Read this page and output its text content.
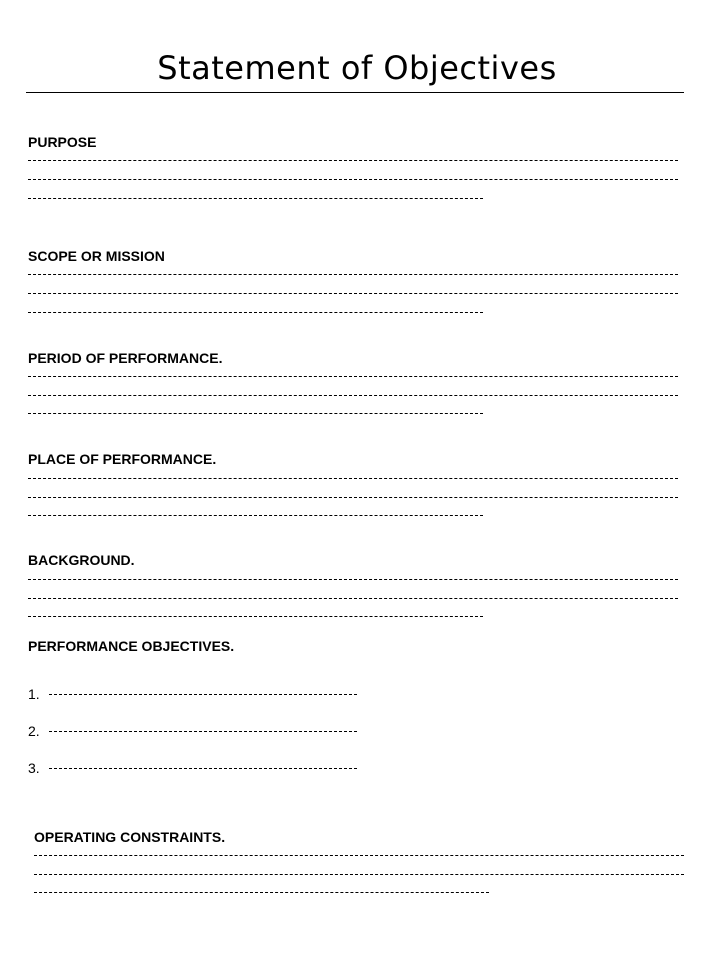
Statement of Objectives
PURPOSE
SCOPE OR MISSION
PERIOD OF PERFORMANCE.
PLACE OF PERFORMANCE.
BACKGROUND.
PERFORMANCE OBJECTIVES.
1.
2.
3.
OPERATING CONSTRAINTS.
